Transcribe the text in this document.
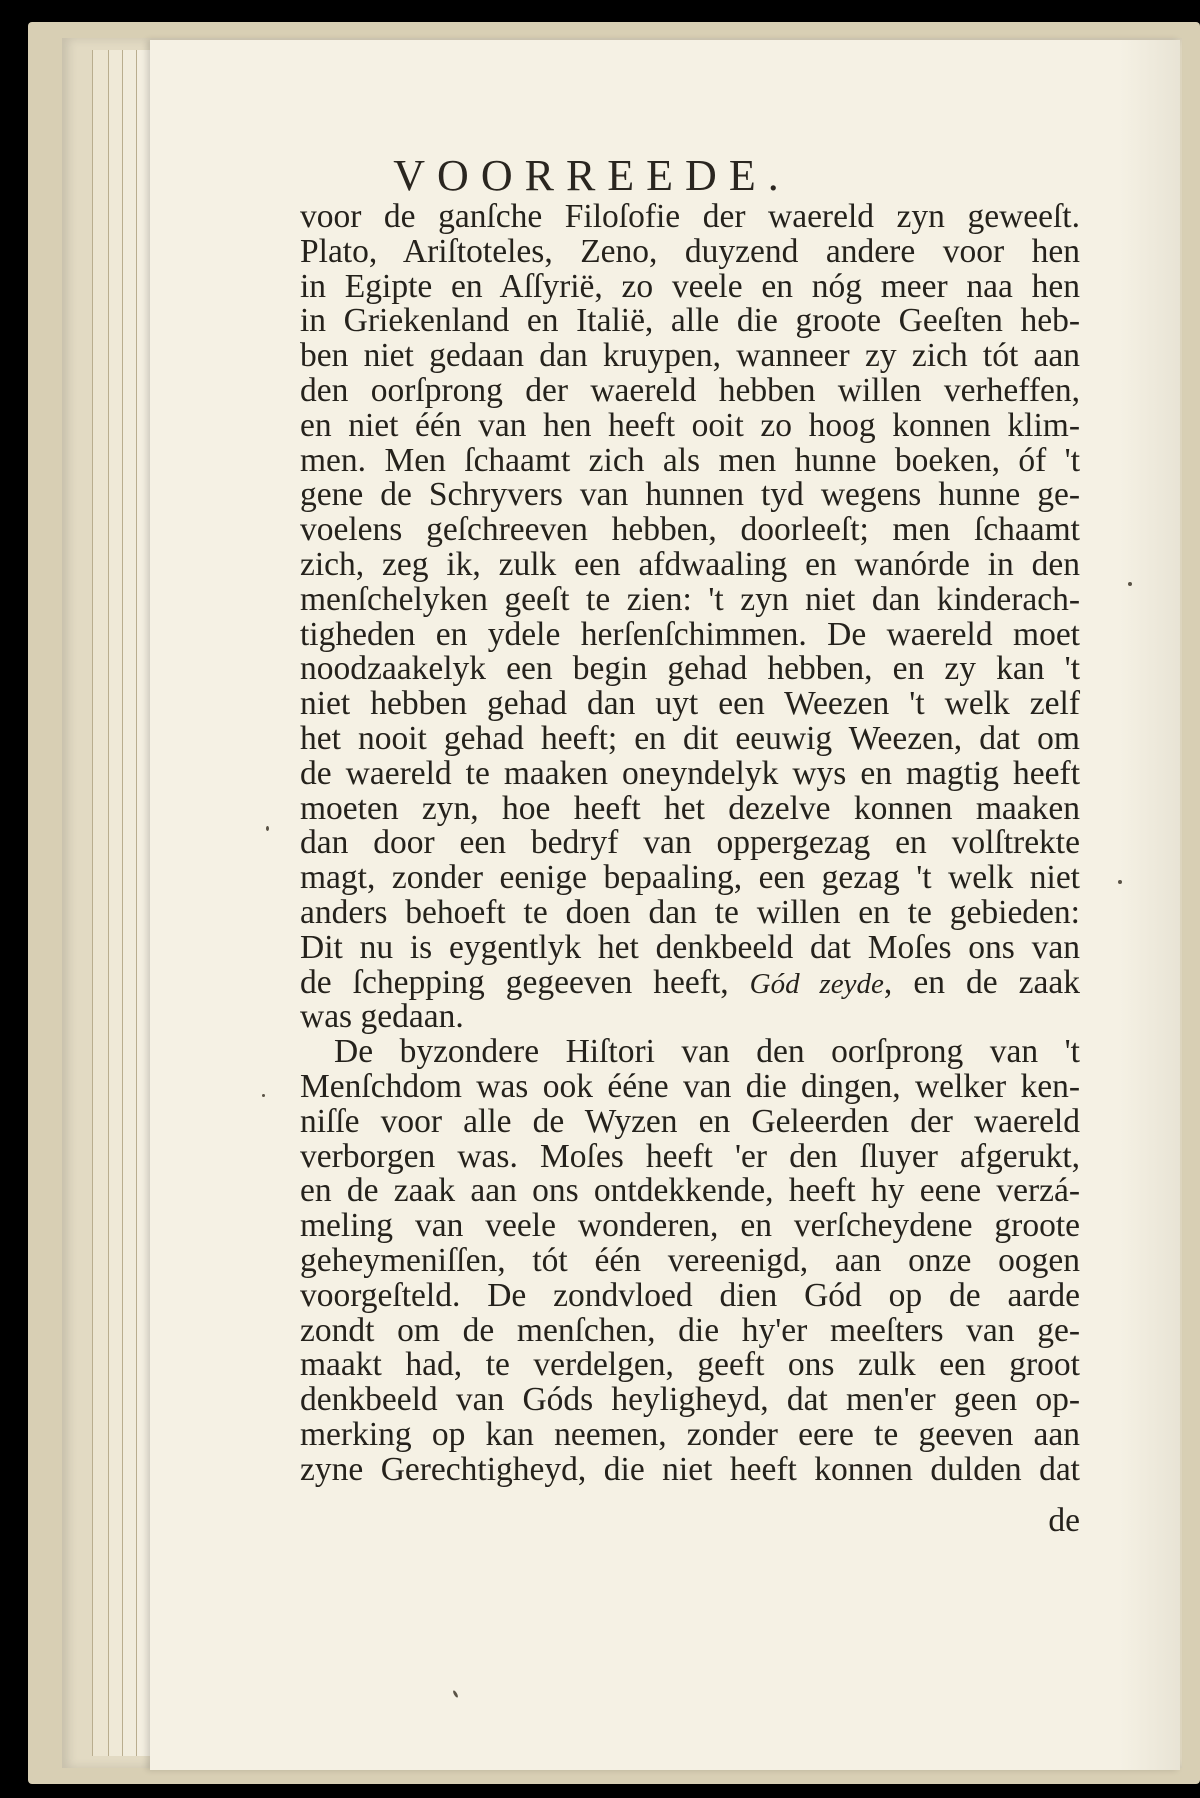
VOORREEDE.
voor de ganſche Filoſofie der waereld zyn geweeſt.
Plato, Ariſtoteles, Zeno, duyzend andere voor hen
in Egipte en Aſſyrië, zo veele en nóg meer naa hen
in Griekenland en Italië, alle die groote Geeſten heb-
ben niet gedaan dan kruypen, wanneer zy zich tót aan
den oorſprong der waereld hebben willen verheffen,
en niet één van hen heeft ooit zo hoog konnen klim-
men. Men ſchaamt zich als men hunne boeken, óf 't
gene de Schryvers van hunnen tyd wegens hunne ge-
voelens geſchreeven hebben, doorleeſt; men ſchaamt
zich, zeg ik, zulk een afdwaaling en wanórde in den
menſchelyken geeſt te zien: 't zyn niet dan kinderach-
tigheden en ydele herſenſchimmen. De waereld moet
noodzaakelyk een begin gehad hebben, en zy kan 't
niet hebben gehad dan uyt een Weezen 't welk zelf
het nooit gehad heeft; en dit eeuwig Weezen, dat om
de waereld te maaken oneyndelyk wys en magtig heeft
moeten zyn, hoe heeft het dezelve konnen maaken
dan door een bedryf van oppergezag en volſtrekte
magt, zonder eenige bepaaling, een gezag 't welk niet
anders behoeft te doen dan te willen en te gebieden:
Dit nu is eygentlyk het denkbeeld dat Moſes ons van
de ſchepping gegeeven heeft, Gód zeyde, en de zaak
was gedaan.
De byzondere Hiſtori van den oorſprong van 't
Menſchdom was ook ééne van die dingen, welker ken-
niſſe voor alle de Wyzen en Geleerden der waereld
verborgen was. Moſes heeft 'er den ſluyer afgerukt,
en de zaak aan ons ontdekkende, heeft hy eene verzá-
meling van veele wonderen, en verſcheydene groote
geheymeniſſen, tót één vereenigd, aan onze oogen
voorgeſteld. De zondvloed dien Gód op de aarde
zondt om de menſchen, die hy'er meeſters van ge-
maakt had, te verdelgen, geeft ons zulk een groot
denkbeeld van Góds heyligheyd, dat men'er geen op-
merking op kan neemen, zonder eere te geeven aan
zyne Gerechtigheyd, die niet heeft konnen dulden dat
de
